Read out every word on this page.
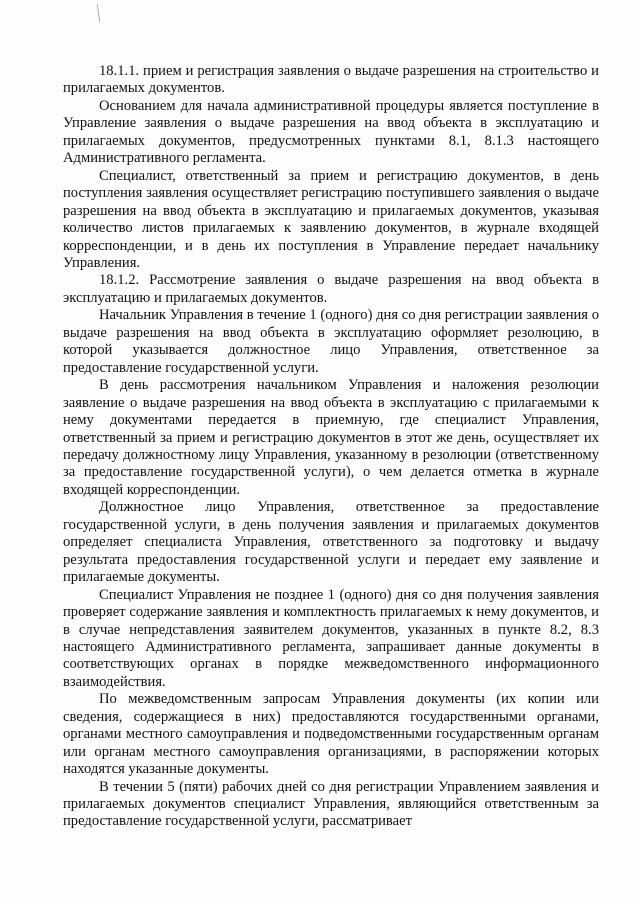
18.1.1. прием и регистрация заявления о выдаче разрешения на строительство и прилагаемых документов.

Основанием для начала административной процедуры является поступление в Управление заявления о выдаче разрешения на ввод объекта в эксплуатацию и прилагаемых документов, предусмотренных пунктами 8.1, 8.1.3 настоящего Административного регламента.

Специалист, ответственный за прием и регистрацию документов, в день поступления заявления осуществляет регистрацию поступившего заявления о выдаче разрешения на ввод объекта в эксплуатацию и прилагаемых документов, указывая количество листов прилагаемых к заявлению документов, в журнале входящей корреспонденции, и в день их поступления в Управление передает начальнику Управления.

18.1.2. Рассмотрение заявления о выдаче разрешения на ввод объекта в эксплуатацию и прилагаемых документов.

Начальник Управления в течение 1 (одного) дня со дня регистрации заявления о выдаче разрешения на ввод объекта в эксплуатацию оформляет резолюцию, в которой указывается должностное лицо Управления, ответственное за предоставление государственной услуги.

В день рассмотрения начальником Управления и наложения резолюции заявление о выдаче разрешения на ввод объекта в эксплуатацию с прилагаемыми к нему документами передается в приемную, где специалист Управления, ответственный за прием и регистрацию документов в этот же день, осуществляет их передачу должностному лицу Управления, указанному в резолюции (ответственному за предоставление государственной услуги), о чем делается отметка в журнале входящей корреспонденции.

Должностное лицо Управления, ответственное за предоставление государственной услуги, в день получения заявления и прилагаемых документов определяет специалиста Управления, ответственного за подготовку и выдачу результата предоставления государственной услуги и передает ему заявление и прилагаемые документы.

Специалист Управления не позднее 1 (одного) дня со дня получения заявления проверяет содержание заявления и комплектность прилагаемых к нему документов, и в случае непредставления заявителем документов, указанных в пункте 8.2, 8.3 настоящего Административного регламента, запрашивает данные документы в соответствующих органах в порядке межведомственного информационного взаимодействия.

По межведомственным запросам Управления документы (их копии или сведения, содержащиеся в них) предоставляются государственными органами, органами местного самоуправления и подведомственными государственным органам или органам местного самоуправления организациями, в распоряжении которых находятся указанные документы.

В течении 5 (пяти) рабочих дней со дня регистрации Управлением заявления и прилагаемых документов специалист Управления, являющийся ответственным за предоставление государственной услуги, рассматривает
